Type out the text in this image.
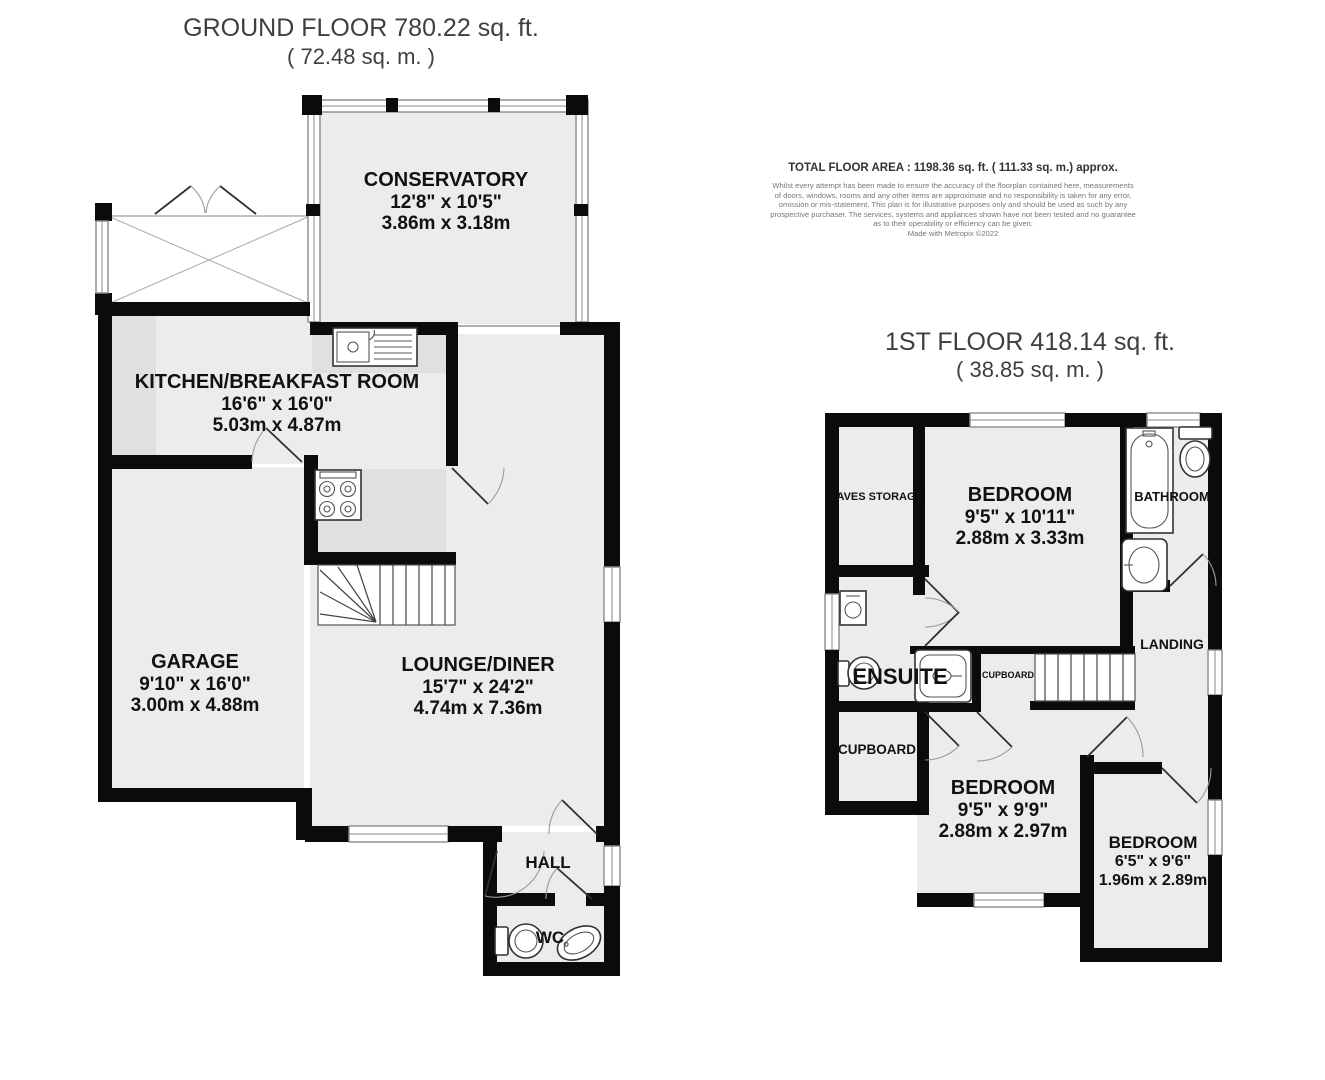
GROUND FLOOR 780.22 sq. ft.
( 72.48 sq. m. )
CONSERVATORY
12'8" x 10'5"
3.86m x 3.18m
KITCHEN/BREAKFAST ROOM
16'6" x 16'0"
5.03m x 4.87m
GARAGE
9'10" x 16'0"
3.00m x 4.88m
LOUNGE/DINER
15'7" x 24'2"
4.74m x 7.36m
HALL
WC
TOTAL FLOOR AREA : 1198.36 sq. ft. ( 111.33 sq. m.) approx.
Whilst every attempt has been made to ensure the accuracy of the floorplan contained here, measurements
of doors, windows, rooms and any other items are approximate and no responsibility is taken for any error,
omission or mis-statement. This plan is for illustrative purposes only and should be used as such by any
prospective purchaser. The services, systems and appliances shown have not been tested and no guarantee
as to their operability or efficiency can be given.
Made with Metropix ©2022
1ST FLOOR 418.14 sq. ft.
( 38.85 sq. m. )
EAVES STORAGE	BEDROOM
9'5" x 10'11"
2.88m x 3.33m
BATHROOM
LANDING
ENSUITE	CUPBOARD
CUPBOARD
BEDROOM
9'5" x 9'9"
2.88m x 2.97m
BEDROOM
6'5" x 9'6"
1.96m x 2.89m
